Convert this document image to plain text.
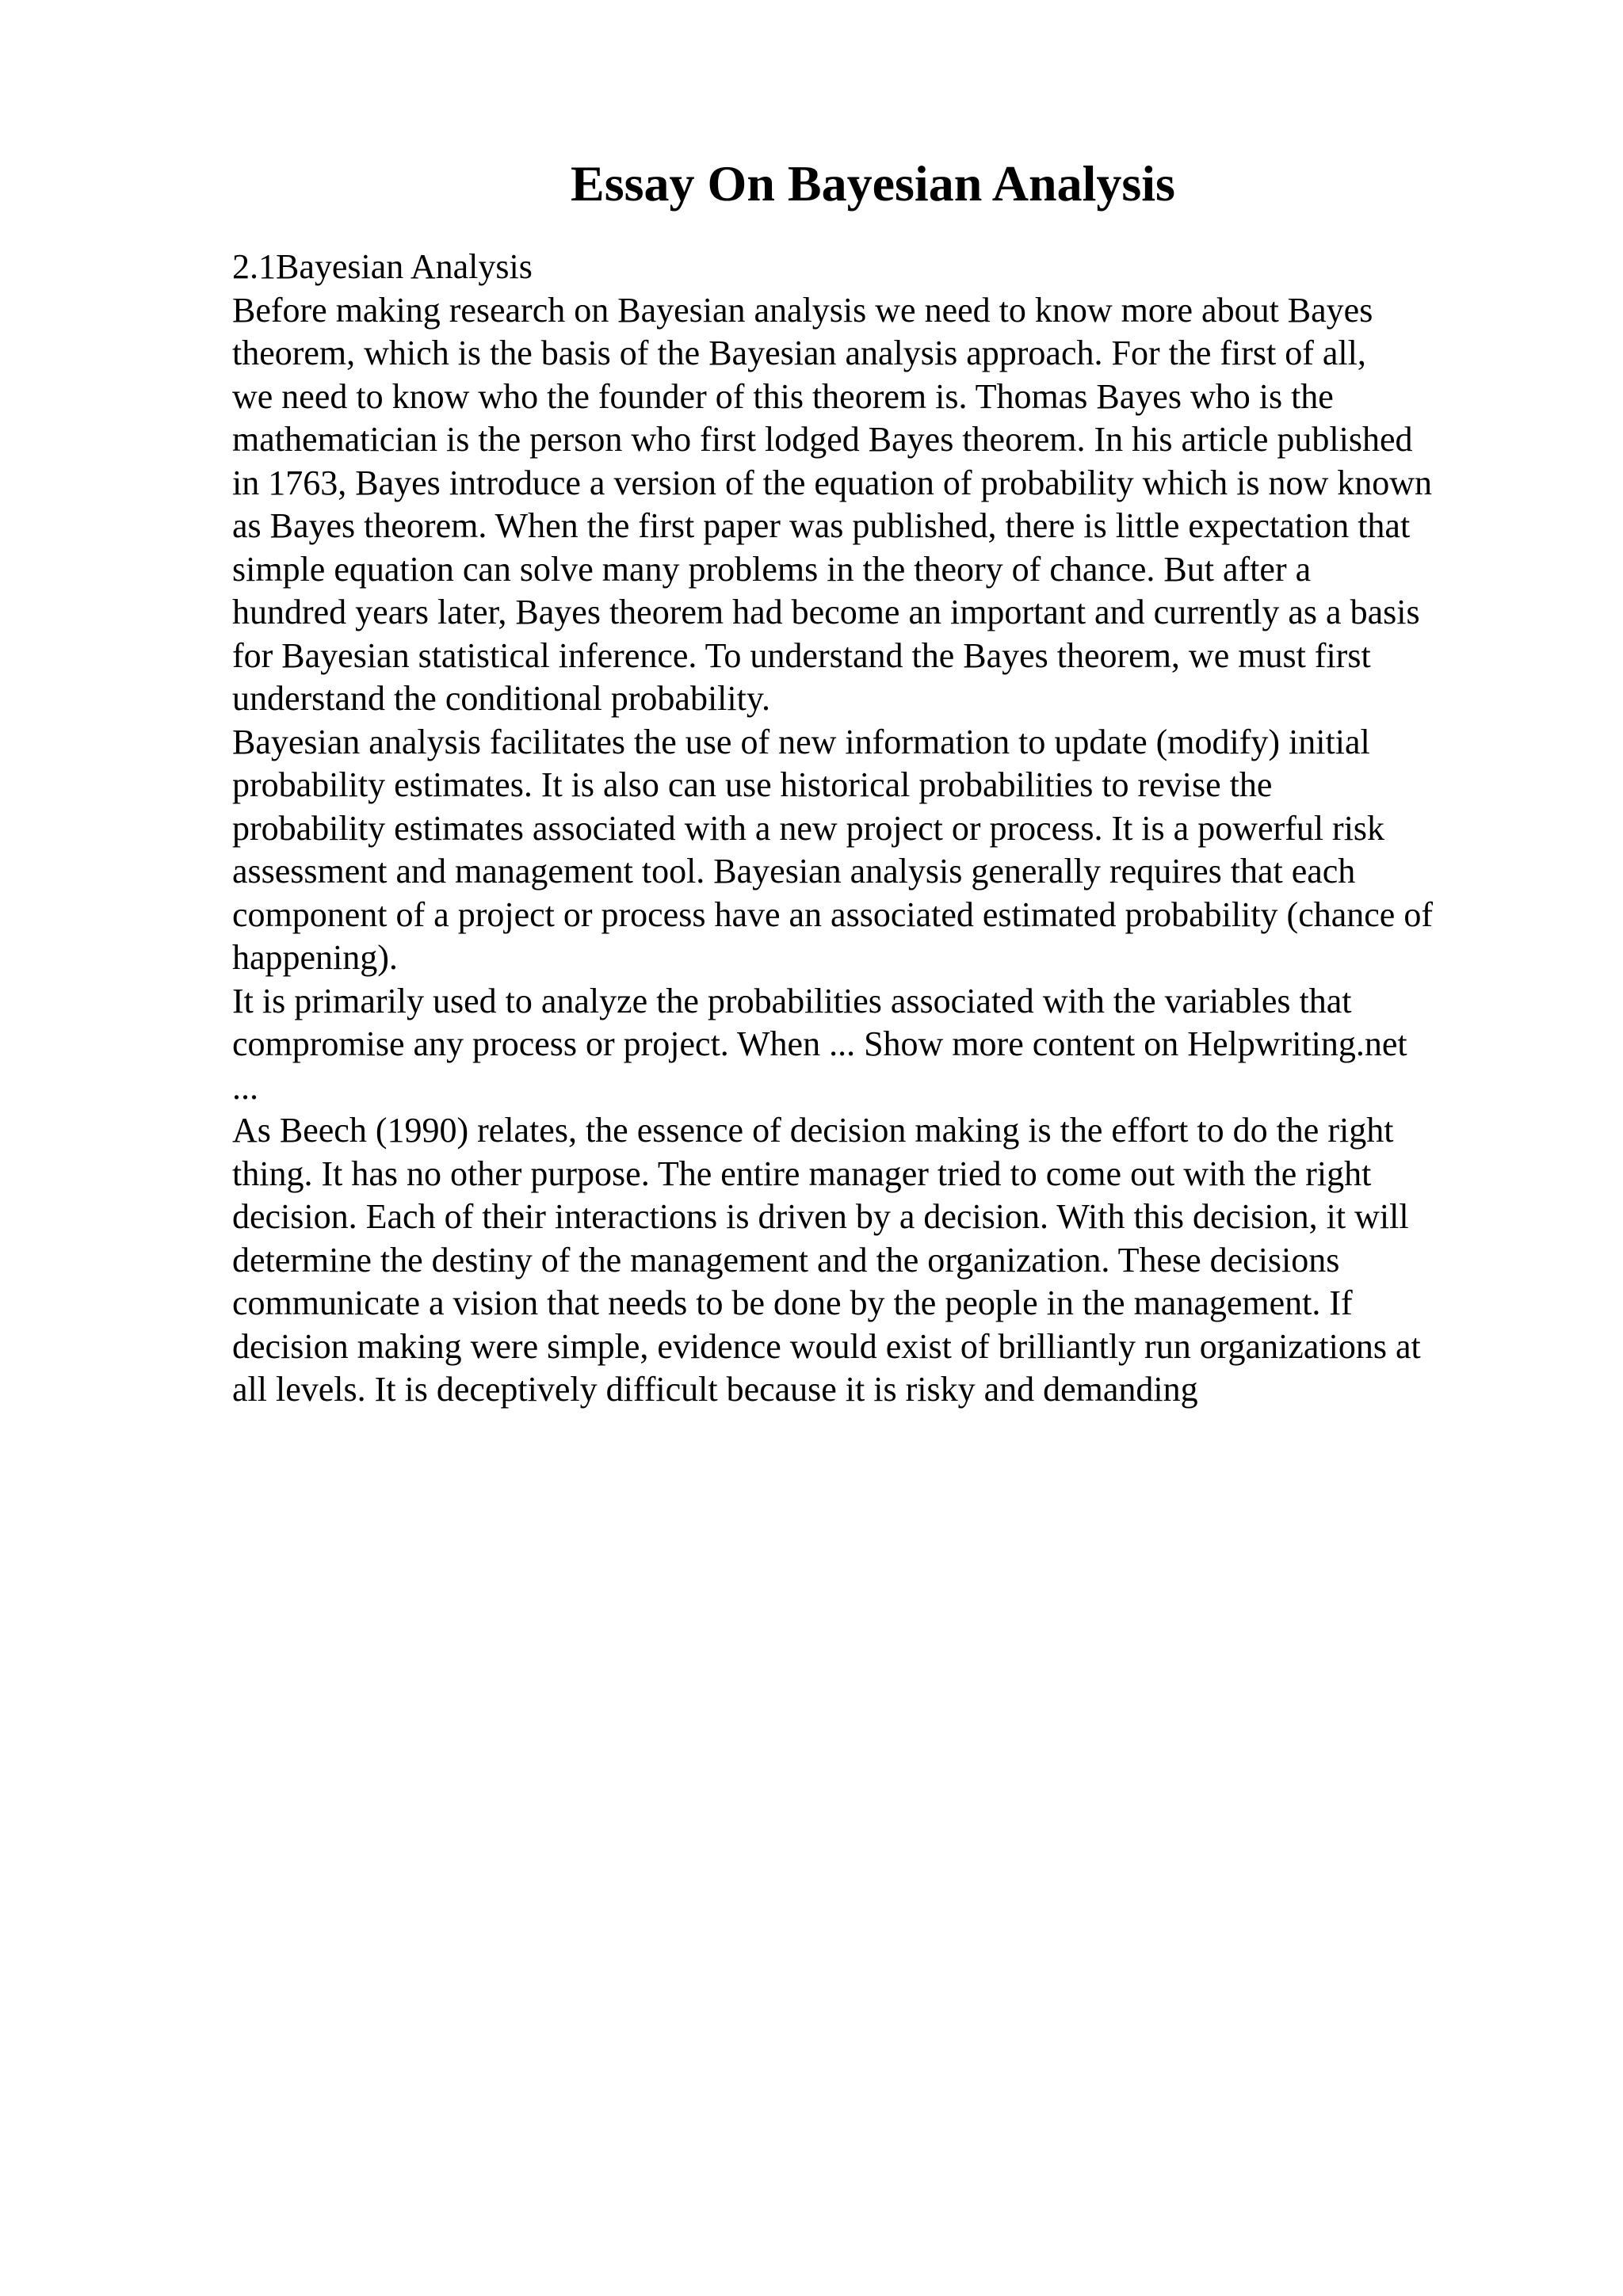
Essay On Bayesian Analysis
2.1Bayesian Analysis
Before making research on Bayesian analysis we need to know more about Bayes
theorem, which is the basis of the Bayesian analysis approach. For the first of all,
we need to know who the founder of this theorem is. Thomas Bayes who is the
mathematician is the person who first lodged Bayes theorem. In his article published
in 1763, Bayes introduce a version of the equation of probability which is now known
as Bayes theorem. When the first paper was published, there is little expectation that
simple equation can solve many problems in the theory of chance. But after a
hundred years later, Bayes theorem had become an important and currently as a basis
for Bayesian statistical inference. To understand the Bayes theorem, we must first
understand the conditional probability.
Bayesian analysis facilitates the use of new information to update (modify) initial
probability estimates. It is also can use historical probabilities to revise the
probability estimates associated with a new project or process. It is a powerful risk
assessment and management tool. Bayesian analysis generally requires that each
component of a project or process have an associated estimated probability (chance of
happening).
It is primarily used to analyze the probabilities associated with the variables that
compromise any process or project. When ... Show more content on Helpwriting.net
...
As Beech (1990) relates, the essence of decision making is the effort to do the right
thing. It has no other purpose. The entire manager tried to come out with the right
decision. Each of their interactions is driven by a decision. With this decision, it will
determine the destiny of the management and the organization. These decisions
communicate a vision that needs to be done by the people in the management. If
decision making were simple, evidence would exist of brilliantly run organizations at
all levels. It is deceptively difficult because it is risky and demanding
